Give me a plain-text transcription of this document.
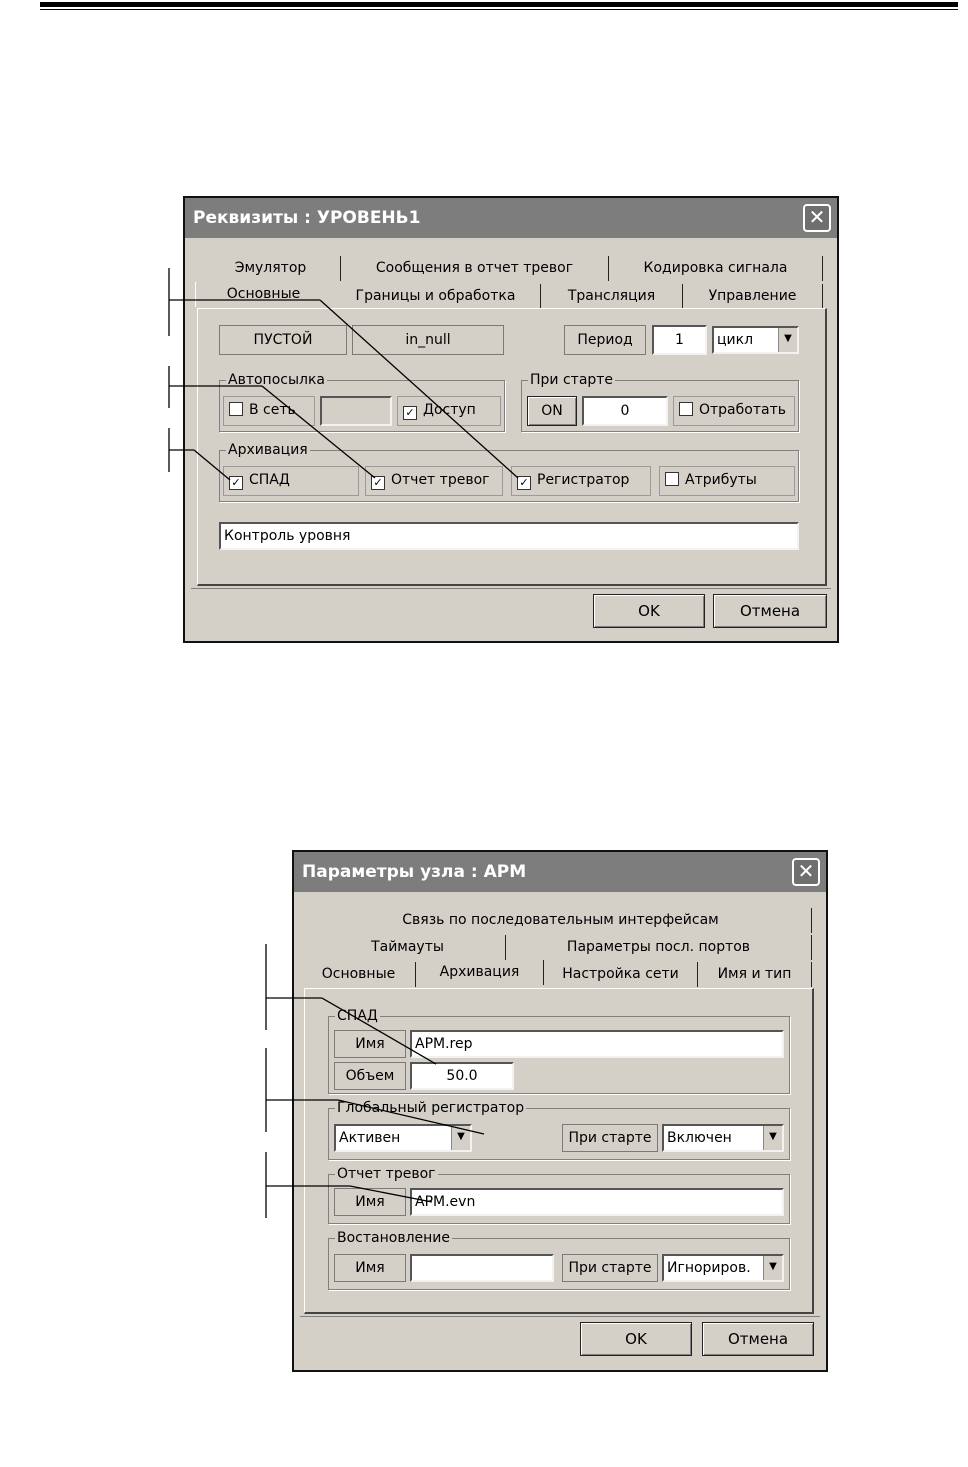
Реквизиты : УРОВЕНЬ1	✕
Эмулятор	Сообщения в отчет тревог	Кодировка сигнала
Основные	Границы и обработка	Трансляция	Управление
ПУСТОЙ	in_null	Период	1	цикл	▼
Автопосылка
В сеть	✓ Доступ
При старте
ON	0	Отработать
Архивация
✓ СПАД	✓ Отчет тревог	✓ Регистратор	Атрибуты
Контроль уровня
OK	Отмена
Параметры узла : АРМ	✕
Связь по последовательным интерфейсам
Таймауты	Параметры посл. портов
Основные	Архивация	Настройка сети	Имя и тип
СПАД
Имя	APM.rep
Объем	50.0
Глобальный регистратор
Активен	▼	При старте	Включен	▼
Отчет тревог
Имя	APM.evn
Востановление
Имя	При старте	Игнориров.	▼
OK	Отмена
